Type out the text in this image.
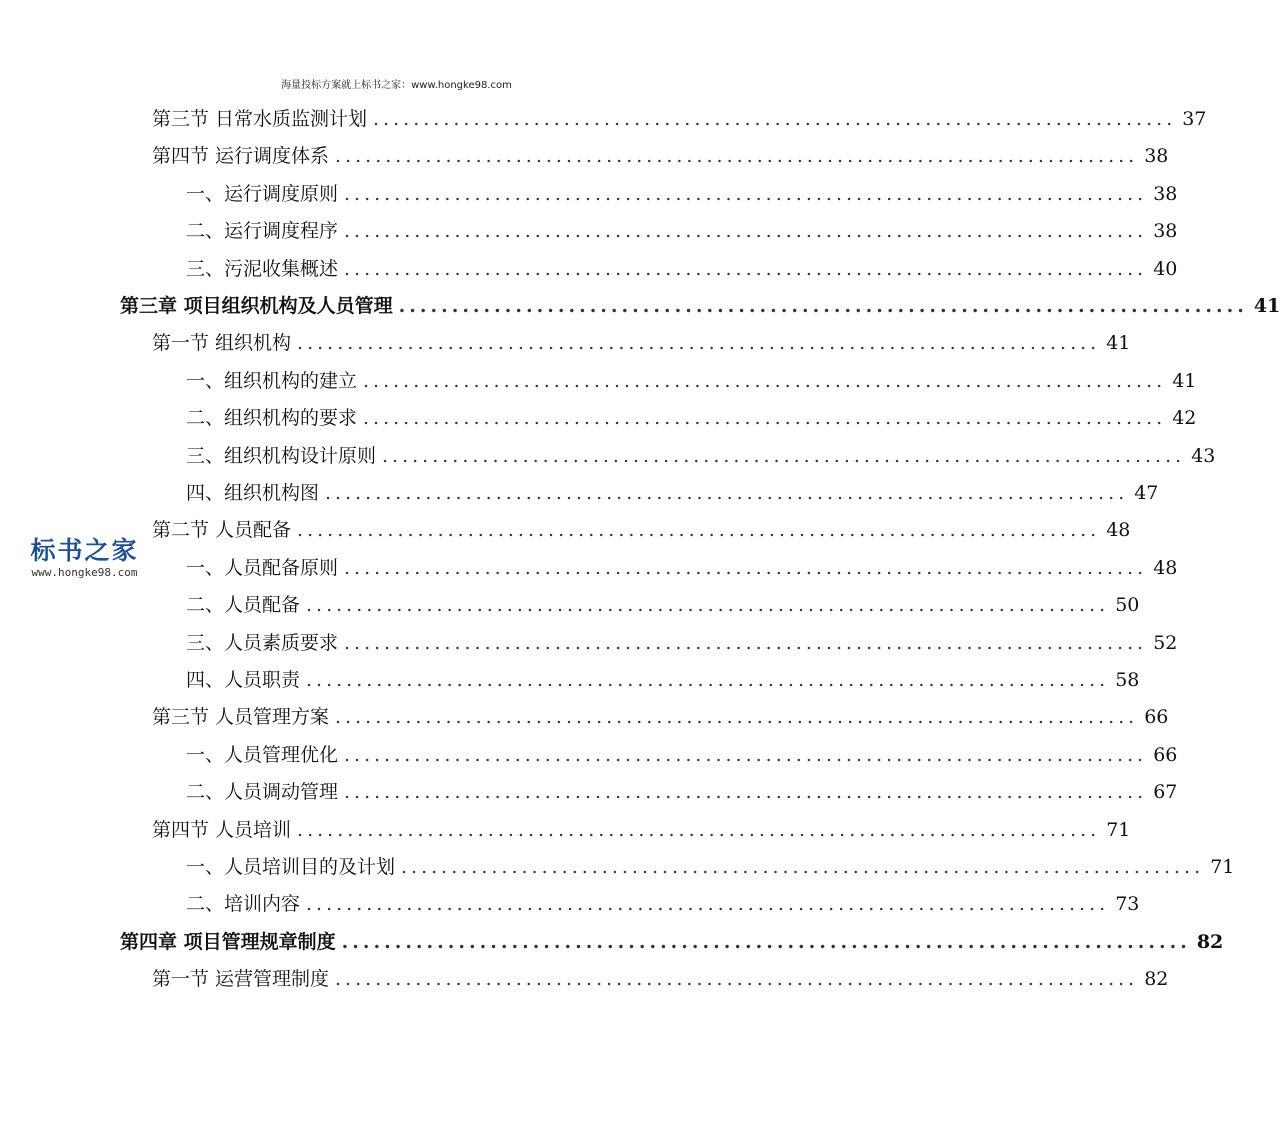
海量投标方案就上标书之家：www.hongke98.com
第三节 日常水质监测计划 ................................................................................ 37
第四节 运行调度体系 ................................................................................ 38
一、运行调度原则 ................................................................................ 38
二、运行调度程序 ................................................................................ 38
三、污泥收集概述 ................................................................................ 40
第三章 项目组织机构及人员管理 ................................................................................ 41
第一节 组织机构 ................................................................................ 41
一、组织机构的建立 ................................................................................ 41
二、组织机构的要求 ................................................................................ 42
三、组织机构设计原则 ................................................................................ 43
四、组织机构图 ................................................................................ 47
第二节 人员配备 ................................................................................ 48
一、人员配备原则 ................................................................................ 48
二、人员配备 ................................................................................ 50
三、人员素质要求 ................................................................................ 52
四、人员职责 ................................................................................ 58
第三节 人员管理方案 ................................................................................ 66
一、人员管理优化 ................................................................................ 66
二、人员调动管理 ................................................................................ 67
第四节 人员培训 ................................................................................ 71
一、人员培训目的及计划 ................................................................................ 71
二、培训内容 ................................................................................ 73
第四章 项目管理规章制度 ................................................................................ 82
第一节 运营管理制度 ................................................................................ 82
标书之家
www.hongke98.com
